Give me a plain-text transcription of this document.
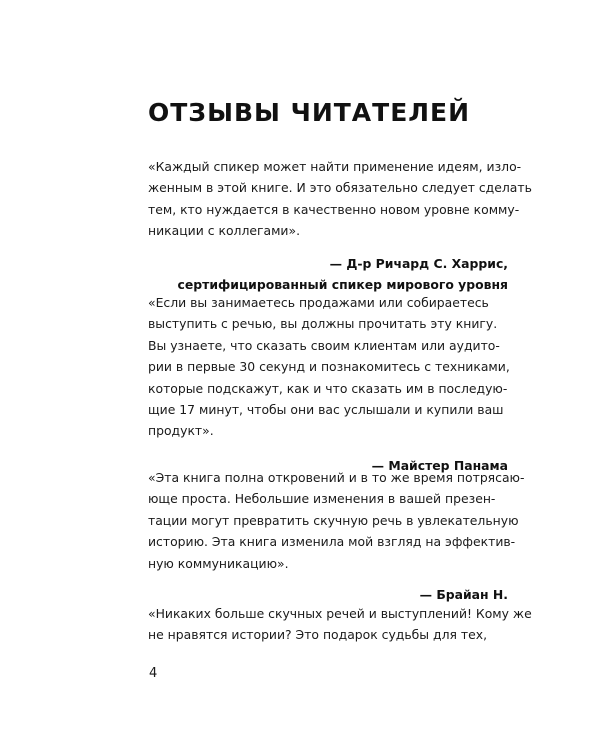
ОТЗЫВЫ ЧИТАТЕЛЕЙ

«Каждый спикер может найти применение идеям, изло-
женным в этой книге. И это обязательно следует сделать
тем, кто нуждается в качественно новом уровне комму-
никации с коллегами».

— Д-р Ричард С. Харрис,
сертифицированный спикер мирового уровня

«Если вы занимаетесь продажами или собираетесь
выступить с речью, вы должны прочитать эту книгу.
Вы узнаете, что сказать своим клиентам или аудито-
рии в первые 30 секунд и познакомитесь с техниками,
которые подскажут, как и что сказать им в последую-
щие 17 минут, чтобы они вас услышали и купили ваш
продукт».

— Майстер Панама

«Эта книга полна откровений и в то же время потрясаю-
юще проста. Небольшие изменения в вашей презен-
тации могут превратить скучную речь в увлекательную
историю. Эта книга изменила мой взгляд на эффектив-
ную коммуникацию».

— Брайан Н.

«Никаких больше скучных речей и выступлений! Кому же
не нравятся истории? Это подарок судьбы для тех,

4
